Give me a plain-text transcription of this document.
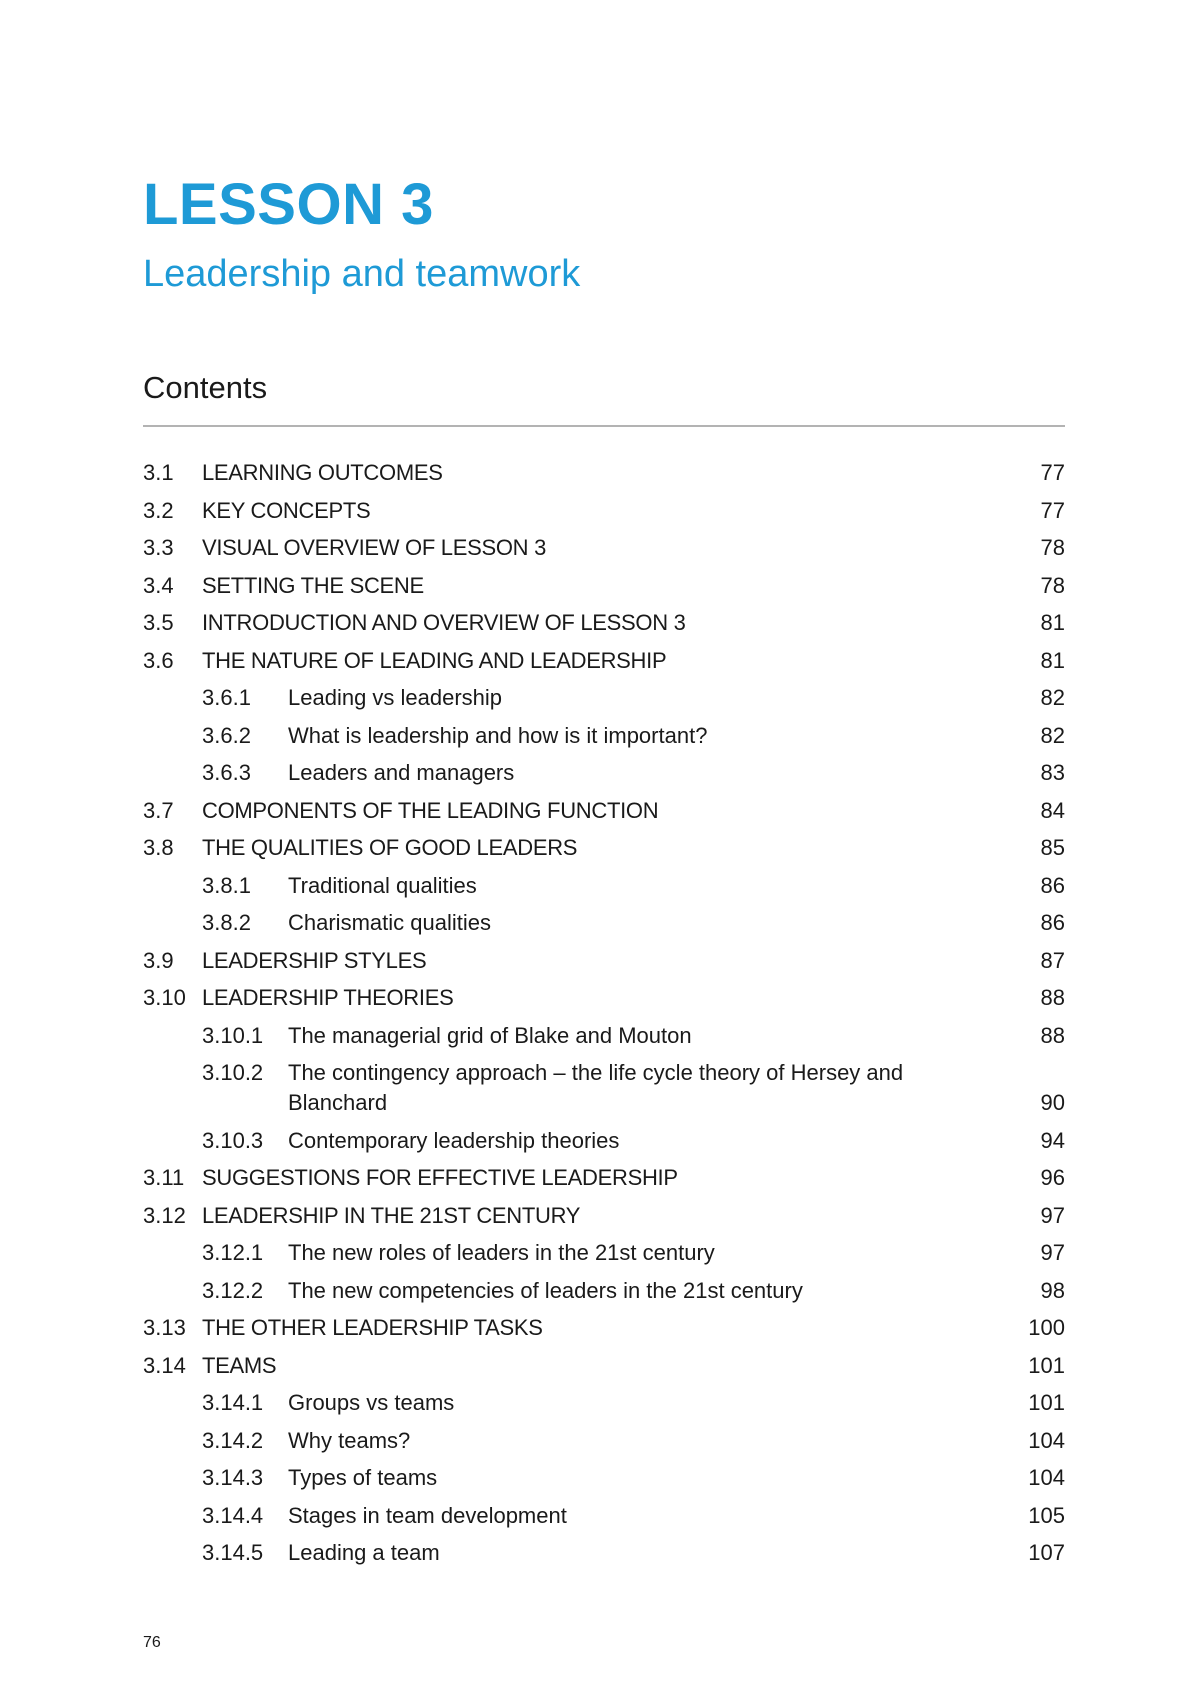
LESSON 3
Leadership and teamwork
Contents
3.1	LEARNING OUTCOMES	77
3.2	KEY CONCEPTS	77
3.3	VISUAL OVERVIEW OF LESSON 3	78
3.4	SETTING THE SCENE	78
3.5	INTRODUCTION AND OVERVIEW OF LESSON 3	81
3.6	THE NATURE OF LEADING AND LEADERSHIP	81
3.6.1	Leading vs leadership	82
3.6.2	What is leadership and how is it important?	82
3.6.3	Leaders and managers	83
3.7	COMPONENTS OF THE LEADING FUNCTION	84
3.8	THE QUALITIES OF GOOD LEADERS	85
3.8.1	Traditional qualities	86
3.8.2	Charismatic qualities	86
3.9	LEADERSHIP STYLES	87
3.10 LEADERSHIP THEORIES	88
3.10.1	The managerial grid of Blake and Mouton	88
3.10.2	The contingency approach – the life cycle theory of Hersey and Blanchard	90
3.10.3	Contemporary leadership theories	94
3.11 SUGGESTIONS FOR EFFECTIVE LEADERSHIP	96
3.12 LEADERSHIP IN THE 21ST CENTURY	97
3.12.1	The new roles of leaders in the 21st century	97
3.12.2	The new competencies of leaders in the 21st century	98
3.13 THE OTHER LEADERSHIP TASKS	100
3.14 TEAMS	101
3.14.1	Groups vs teams	101
3.14.2	Why teams?	104
3.14.3	Types of teams	104
3.14.4	Stages in team development	105
3.14.5	Leading a team	107
76
